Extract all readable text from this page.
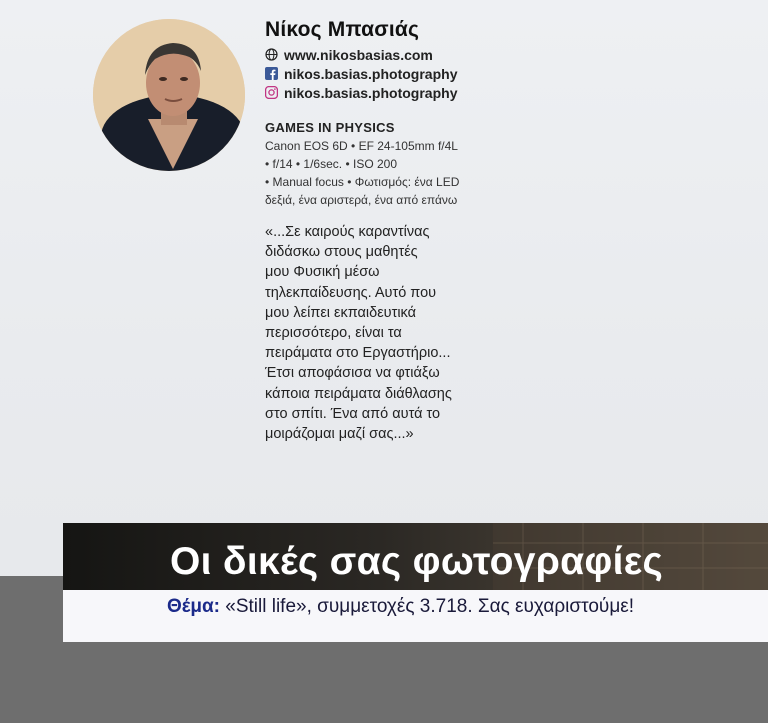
Νίκος Μπασιάς
www.nikosbasias.com
nikos.basias.photography
nikos.basias.photography
GAMES IN PHYSICS
Canon EOS 6D • EF 24-105mm f/4L
• f/14 • 1/6sec. • ISO 200
• Manual focus • Φωτισμός: ένα LED
δεξιά, ένα αριστερά, ένα από επάνω
«...Σε καιρούς καραντίνας
διδάσκω στους μαθητές
μου Φυσική μέσω
τηλεκπαίδευσης. Αυτό που
μου λείπει εκπαιδευτικά
περισσότερο, είναι τα
πειράματα στο Εργαστήριο...
Έτσι αποφάσισα να φτιάξω
κάποια πειράματα διάθλασης
στο σπίτι. Ένα από αυτά το
μοιράζομαι μαζί σας...»
Οι δικές σας φωτογραφίες
Θέμα: «Still life», συμμετοχές 3.718. Σας ευχαριστούμε!
